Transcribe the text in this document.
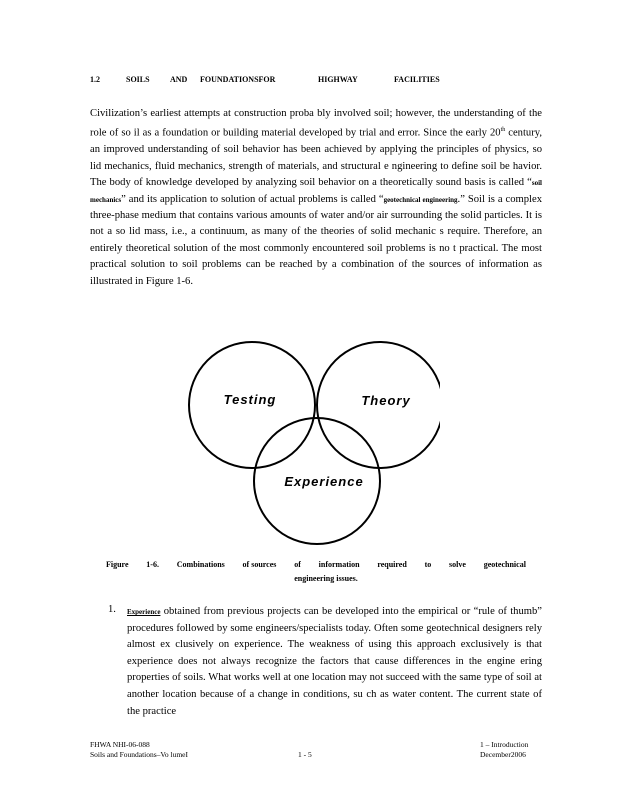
1.2	SOILS	AND	FOUNDATIONSFOR	HIGHWAY	FACILITIES
Civilization’s earliest attempts at construction proba bly involved soil; however, the understanding of the role of so il as a foundation or building material developed by trial and error. Since the early 20th century, an improved understanding of soil behavior has been achieved by applying the principles of physics, so lid mechanics, fluid mechanics, strength of materials, and structural e ngineering to define soil be havior. The body of knowledge developed by analyzing soil behavior on a theoretically sound basis is called “soil mechanics” and its application to solution of actual problems is called “geotechnical engineering.” Soil is a complex three-phase medium that contains various amounts of water and/or air surrounding the solid particles. It is not a so lid mass, i.e., a continuum, as many of the theories of solid mechanic s require. Therefore, an entirely theoretical solution of the most commonly encountered soil problems is no t practical. The most practical solution to soil problems can be reached by a combination of the sources of information as illustrated in Figure 1-6.
Testing	Theory
Experience
Figure 1-6. Combinations of sources of information required to solve geotechnical
engineering issues.
1. Experience obtained from previous projects can be developed into the empirical or “rule of thumb” procedures followed by some engineers/specialists today. Often some geotechnical designers rely almost ex clusively on experience. The weakness of using this approach exclusively is that experience does not always recognize the factors that cause differences in the engine ering properties of soils. What works well at one location may not succeed with the same type of soil at another location because of a change in conditions, su ch as water content. The current state of the practice
FHWA NHI-06-088
Soils and Foundations–Vo lumeI	1 - 5
1 – Introduction
December2006
